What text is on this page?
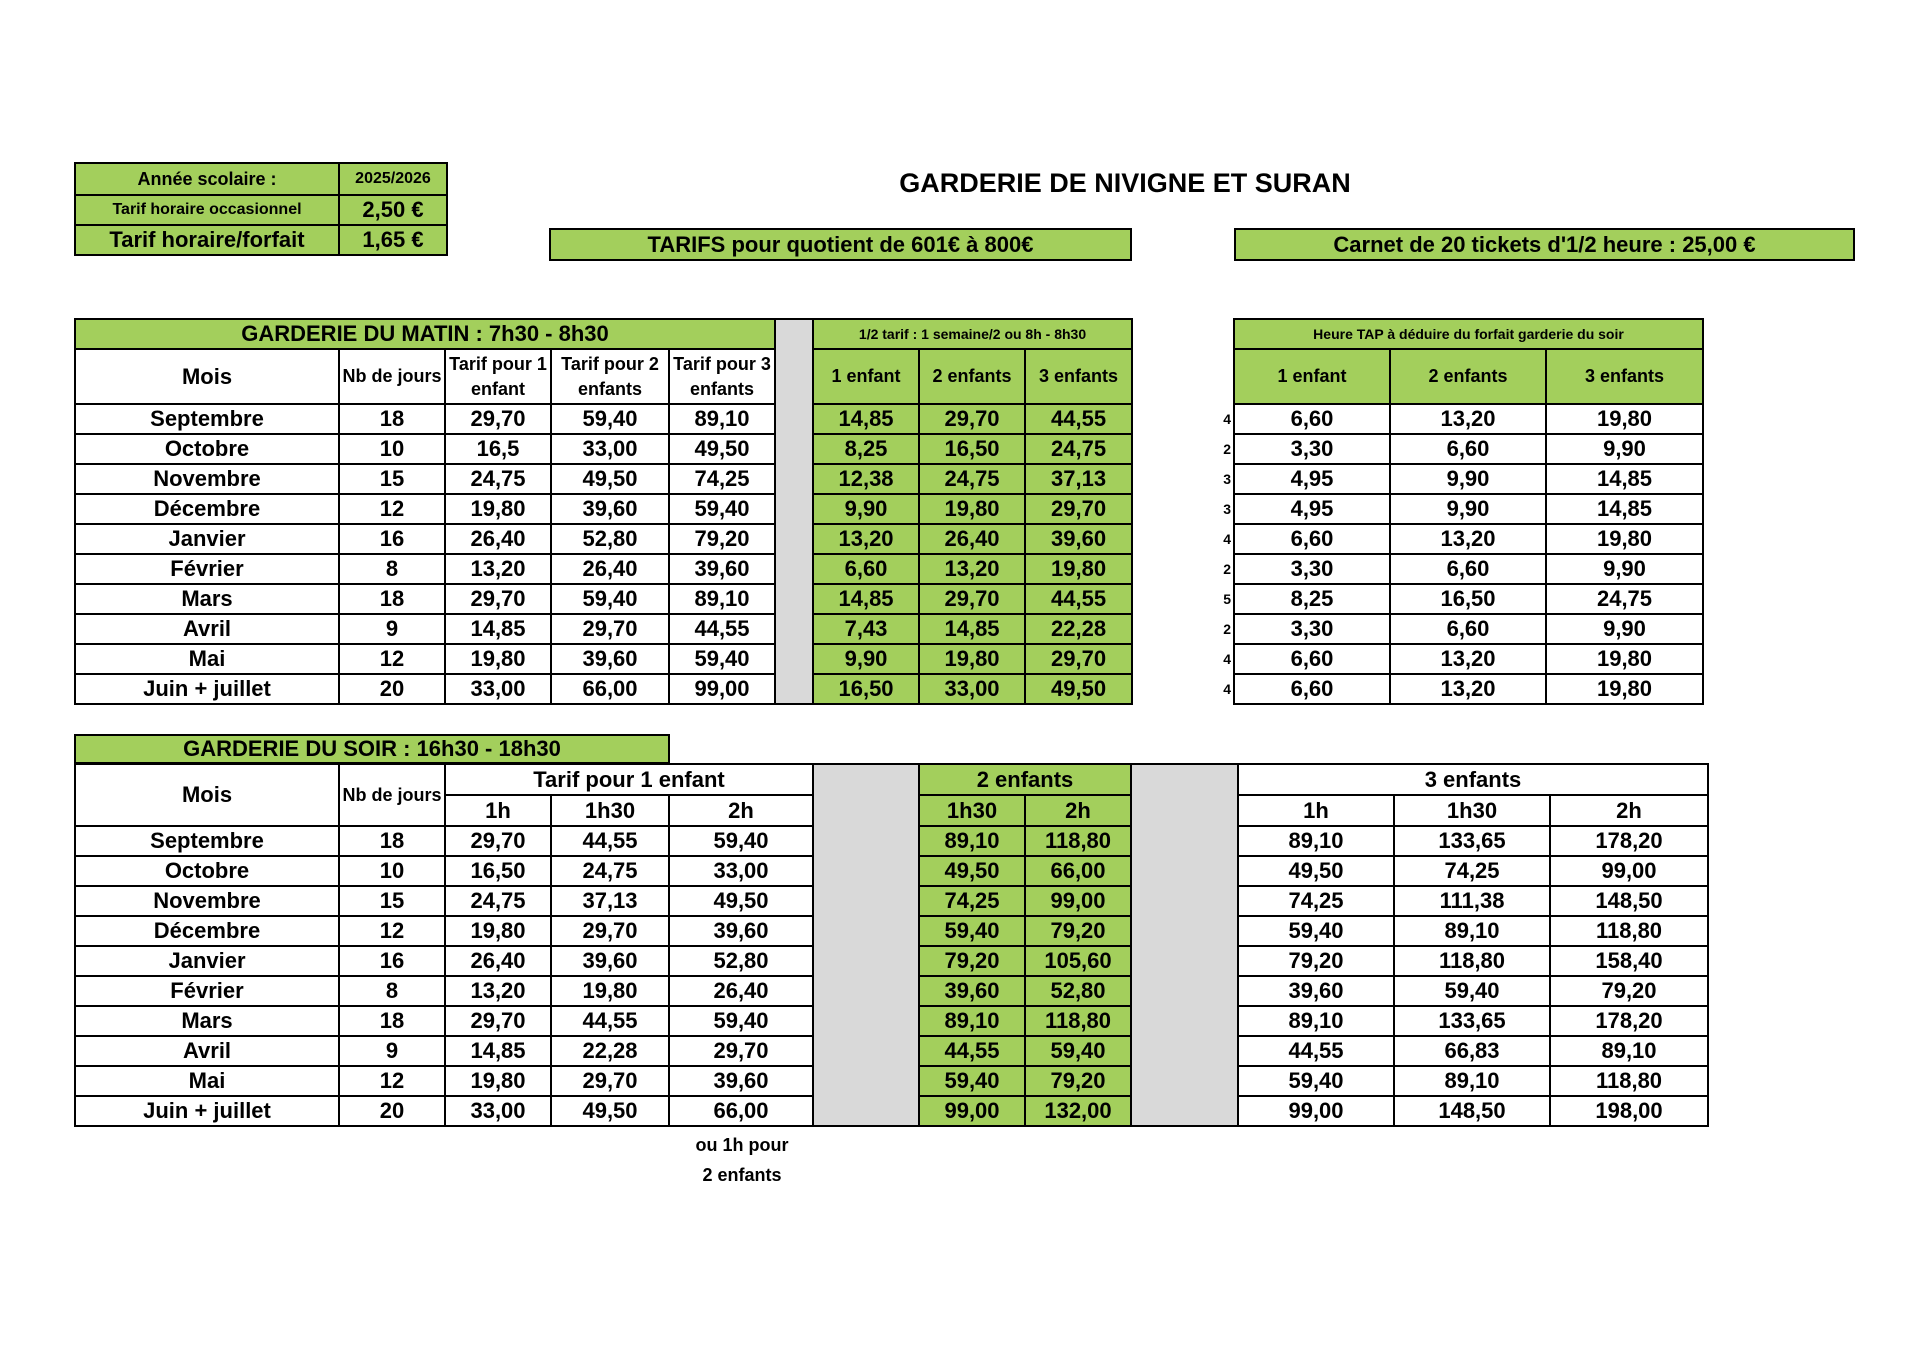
Année scolaire :	2025/2026
Tarif horaire occasionnel	2,50 €
Tarif horaire/forfait	1,65 €
GARDERIE DE NIVIGNE ET SURAN
TARIFS pour quotient de 601€ à 800€	Carnet de 20 tickets d'1/2 heure : 25,00 €
GARDERIE DU MATIN : 7h30 - 8h30						1/2 tarif : 1 semaine/2 ou 8h - 8h30		
Mois	Nb de jours	Tarif pour 1 enfant	Tarif pour 2 enfants	Tarif pour 3 enfants		1 enfant	2 enfants	3 enfants
Septembre	18	29,70	59,40	89,10		14,85	29,70	44,55
Octobre	10	16,5	33,00	49,50		8,25	16,50	24,75
Novembre	15	24,75	49,50	74,25		12,38	24,75	37,13
Décembre	12	19,80	39,60	59,40		9,90	19,80	29,70
Janvier	16	26,40	52,80	79,20		13,20	26,40	39,60
Février	8	13,20	26,40	39,60		6,60	13,20	19,80
Mars	18	29,70	59,40	89,10		14,85	29,70	44,55
Avril	9	14,85	29,70	44,55		7,43	14,85	22,28
Mai	12	19,80	39,60	59,40		9,90	19,80	29,70
Juin + juillet	20	33,00	66,00	99,00		16,50	33,00	49,50
	Heure TAP à déduire du forfait garderie du soir		
	1 enfant	2 enfants	3 enfants
4	6,60	13,20	19,80
2	3,30	6,60	9,90
3	4,95	9,90	14,85
3	4,95	9,90	14,85
4	6,60	13,20	19,80
2	3,30	6,60	9,90
5	8,25	16,50	24,75
2	3,30	6,60	9,90
4	6,60	13,20	19,80
4	6,60	13,20	19,80
GARDERIE DU SOIR : 16h30 - 18h30
Mois	Nb de jours	Tarif pour 1 enfant				2 enfants			3 enfants		
		1h	1h30	2h		1h30	2h		1h	1h30	2h
Septembre	18	29,70	44,55	59,40		89,10	118,80		89,10	133,65	178,20
Octobre	10	16,50	24,75	33,00		49,50	66,00		49,50	74,25	99,00
Novembre	15	24,75	37,13	49,50		74,25	99,00		74,25	111,38	148,50
Décembre	12	19,80	29,70	39,60		59,40	79,20		59,40	89,10	118,80
Janvier	16	26,40	39,60	52,80		79,20	105,60		79,20	118,80	158,40
Février	8	13,20	19,80	26,40		39,60	52,80		39,60	59,40	79,20
Mars	18	29,70	44,55	59,40		89,10	118,80		89,10	133,65	178,20
Avril	9	14,85	22,28	29,70		44,55	59,40		44,55	66,83	89,10
Mai	12	19,80	29,70	39,60		59,40	79,20		59,40	89,10	118,80
Juin + juillet	20	33,00	49,50	66,00		99,00	132,00		99,00	148,50	198,00
ou 1h pour
2 enfants
